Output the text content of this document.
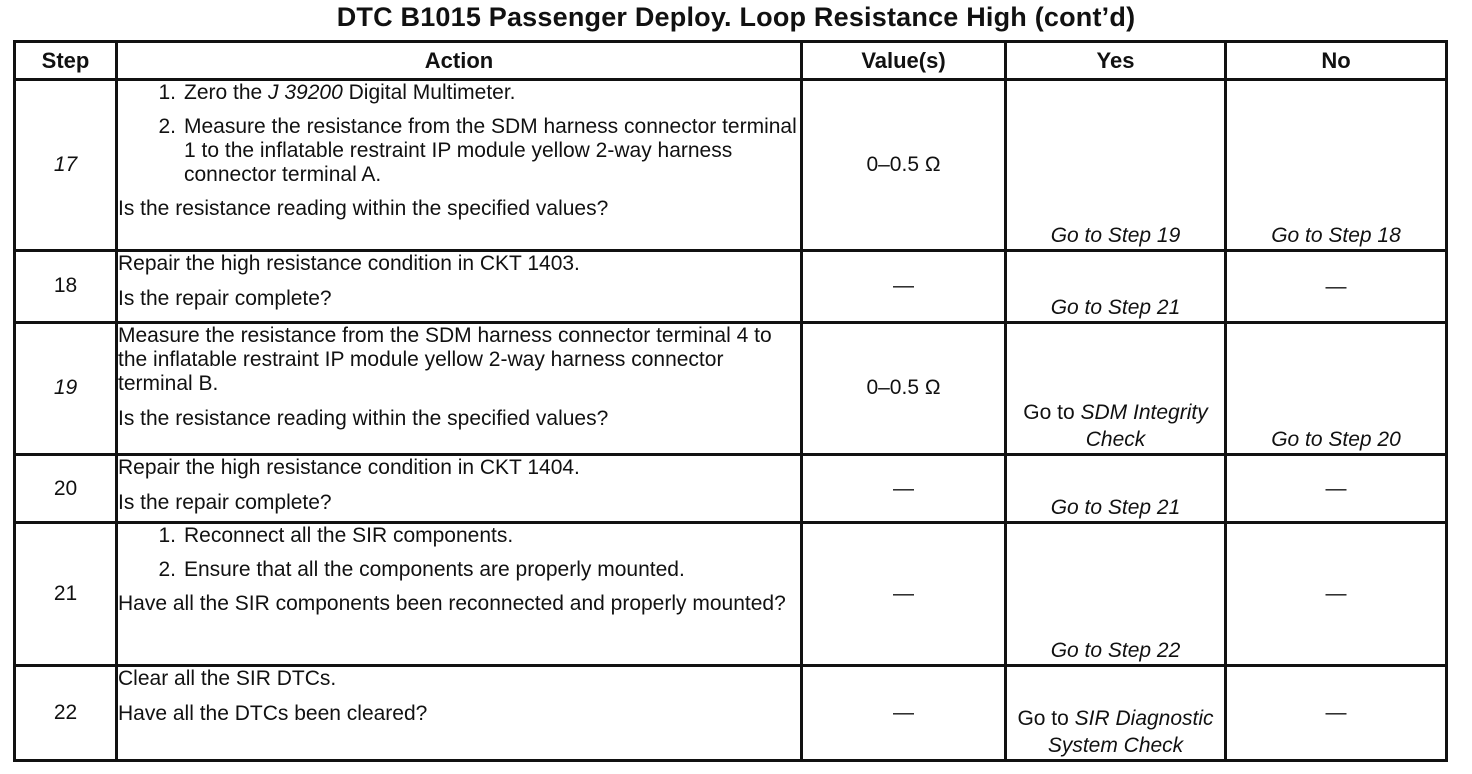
DTC B1015 Passenger Deploy. Loop Resistance High (cont’d)
Step	Action	Value(s)	Yes	No
17	1. Zero the J 39200 Digital Multimeter.
2. Measure the resistance from the SDM harness connector terminal 1 to the inflatable restraint IP module yellow 2-way harness connector terminal A.
Is the resistance reading within the specified values?	0–0.5 Ω	Go to Step 19	Go to Step 18
18	Repair the high resistance condition in CKT 1403.
Is the repair complete?	—	Go to Step 21	—
19	Measure the resistance from the SDM harness connector terminal 4 to the inflatable restraint IP module yellow 2-way harness connector terminal B.
Is the resistance reading within the specified values?	0–0.5 Ω	Go to SDM Integrity Check	Go to Step 20
20	Repair the high resistance condition in CKT 1404.
Is the repair complete?	—	Go to Step 21	—
21	1. Reconnect all the SIR components.
2. Ensure that all the components are properly mounted.
Have all the SIR components been reconnected and properly mounted?	—	Go to Step 22	—
22	Clear all the SIR DTCs.
Have all the DTCs been cleared?	—	Go to SIR Diagnostic System Check	—
